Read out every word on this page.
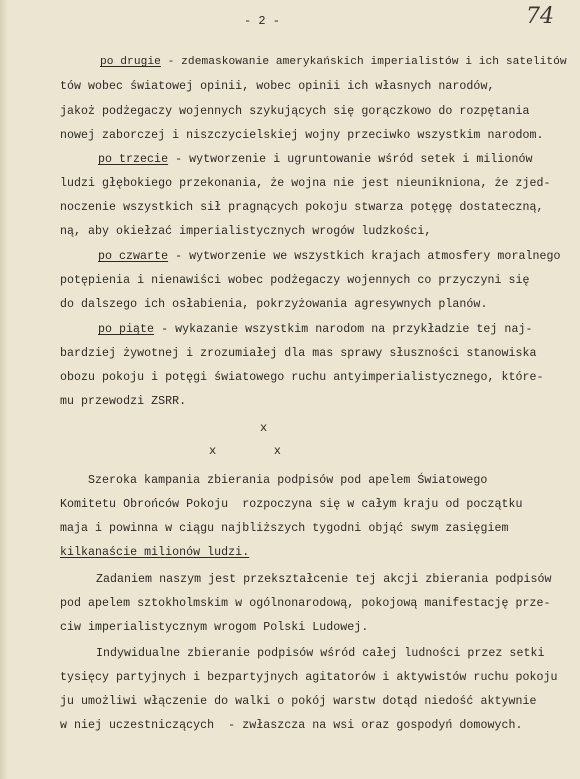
- 2 -	74
po drugie - zdemaskowanie amerykańskich imperialistów i ich satelitów
tów wobec światowej opinii, wobec opinii ich własnych narodów,
jakoż podżegaczy wojennych szykujących się gorączkowo do rozpętania
nowej zaborczej i niszczycielskiej wojny przeciwko wszystkim narodom.
po trzecie - wytworzenie i ugruntowanie wśród setek i milionów
ludzi głębokiego przekonania, że wojna nie jest nieunikniona, że zjed-
noczenie wszystkich sił pragnących pokoju stwarza potęgę dostateczną,
ną, aby okiełzać imperialistycznych wrogów ludzkości,
po czwarte - wytworzenie we wszystkich krajach atmosfery moralnego
potępienia i nienawiści wobec podżegaczy wojennych co przyczyni się
do dalszego ich osłabienia, pokrzyżowania agresywnych planów.
po piąte - wykazanie wszystkim narodom na przykładzie tej naj-
bardziej żywotnej i zrozumiałej dla mas sprawy słuszności stanowiska
obozu pokoju i potęgi światowego ruchu antyimperialistycznego, które-
mu przewodzi ZSRR.
x
x        x
Szeroka kampania zbierania podpisów pod apelem Światowego
Komitetu Obrońców Pokoju  rozpoczyna się w całym kraju od początku
maja i powinna w ciągu najbliższych tygodni objąć swym zasięgiem
kilkanaście milionów ludzi.
Zadaniem naszym jest przekształcenie tej akcji zbierania podpisów
pod apelem sztokholmskim w ogólnonarodową, pokojową manifestację prze-
ciw imperialistycznym wrogom Polski Ludowej.
Indywidualne zbieranie podpisów wśród całej ludności przez setki
tysięcy partyjnych i bezpartyjnych agitatorów i aktywistów ruchu pokoju
ju umożliwi włączenie do walki o pokój warstw dotąd niedość aktywnie
w niej uczestniczących  - zwłaszcza na wsi oraz gospodyń domowych.
